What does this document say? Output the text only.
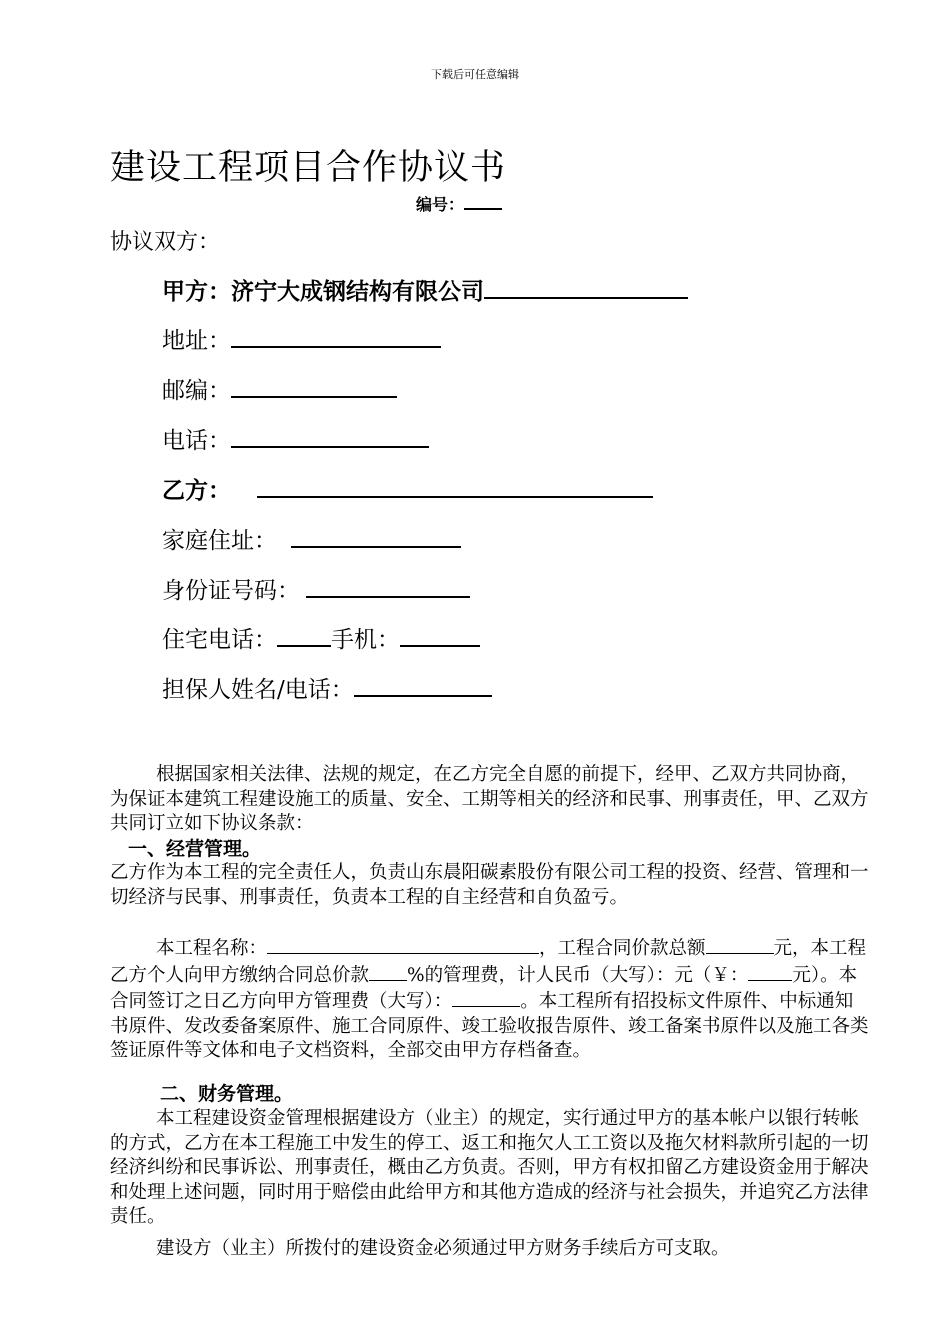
下载后可任意编辑
建设工程项目合作协议书
编号：
协议双方：
甲方：济宁大成钢结构有限公司
地址：
邮编：
电话：
乙方：
家庭住址：
身份证号码：
住宅电话： 手机：
担保人姓名/电话：
根据国家相关法律、法规的规定，在乙方完全自愿的前提下，经甲、乙双方共同协商，为保证本建筑工程建设施工的质量、安全、工期等相关的经济和民事、刑事责任，甲、乙双方共同订立如下协议条款：
一、经营管理。
乙方作为本工程的完全责任人，负责山东晨阳碳素股份有限公司工程的投资、经营、管理和一切经济与民事、刑事责任，负责本工程的自主经营和自负盈亏。
本工程名称：	，工程合同价款总额	元，本工程乙方个人向甲方缴纳合同总价款 %的管理费，计人民币（大写）：元（￥： 元）。本合同签订之日乙方向甲方管理费（大写）：	。本工程所有招投标文件原件、中标通知书原件、发改委备案原件、施工合同原件、竣工验收报告原件、竣工备案书原件以及施工各类签证原件等文体和电子文档资料，全部交由甲方存档备查。
二、财务管理。
本工程建设资金管理根据建设方（业主）的规定，实行通过甲方的基本帐户以银行转帐的方式，乙方在本工程施工中发生的停工、返工和拖欠人工工资以及拖欠材料款所引起的一切经济纠纷和民事诉讼、刑事责任，概由乙方负责。否则，甲方有权扣留乙方建设资金用于解决和处理上述问题，同时用于赔偿由此给甲方和其他方造成的经济与社会损失，并追究乙方法律责任。
建设方（业主）所拨付的建设资金必须通过甲方财务手续后方可支取。
